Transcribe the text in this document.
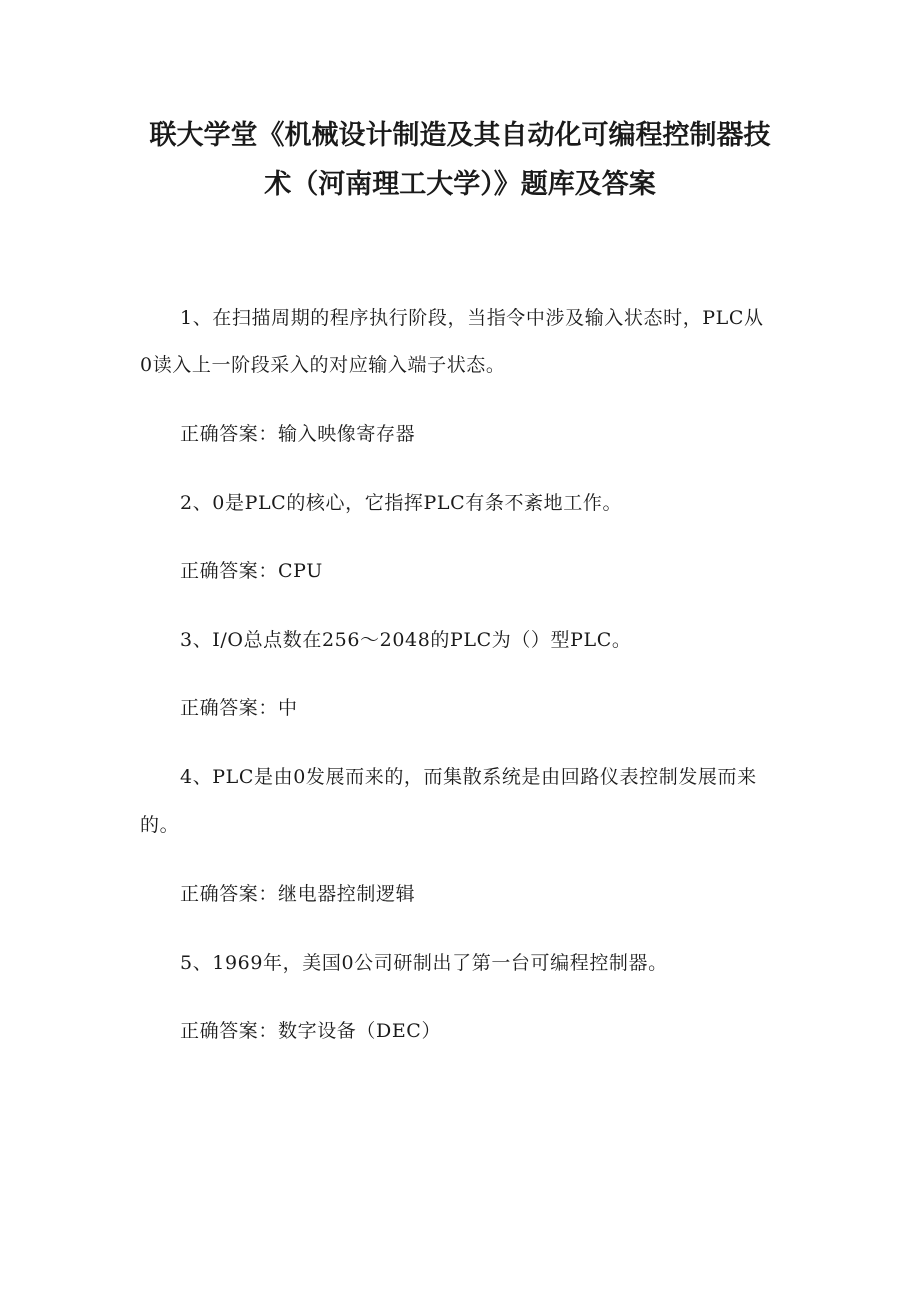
联大学堂《机械设计制造及其自动化可编程控制器技
术（河南理工大学）》题库及答案
1、在扫描周期的程序执行阶段，当指令中涉及输入状态时，PLC从
0读入上一阶段采入的对应输入端子状态。
正确答案：输入映像寄存器
2、0是PLC的核心，它指挥PLC有条不紊地工作。
正确答案：CPU
3、I/O总点数在256～2048的PLC为（）型PLC。
正确答案：中
4、PLC是由0发展而来的，而集散系统是由回路仪表控制发展而来
的。
正确答案：继电器控制逻辑
5、1969年，美国0公司研制出了第一台可编程控制器。
正确答案：数字设备（DEC）
